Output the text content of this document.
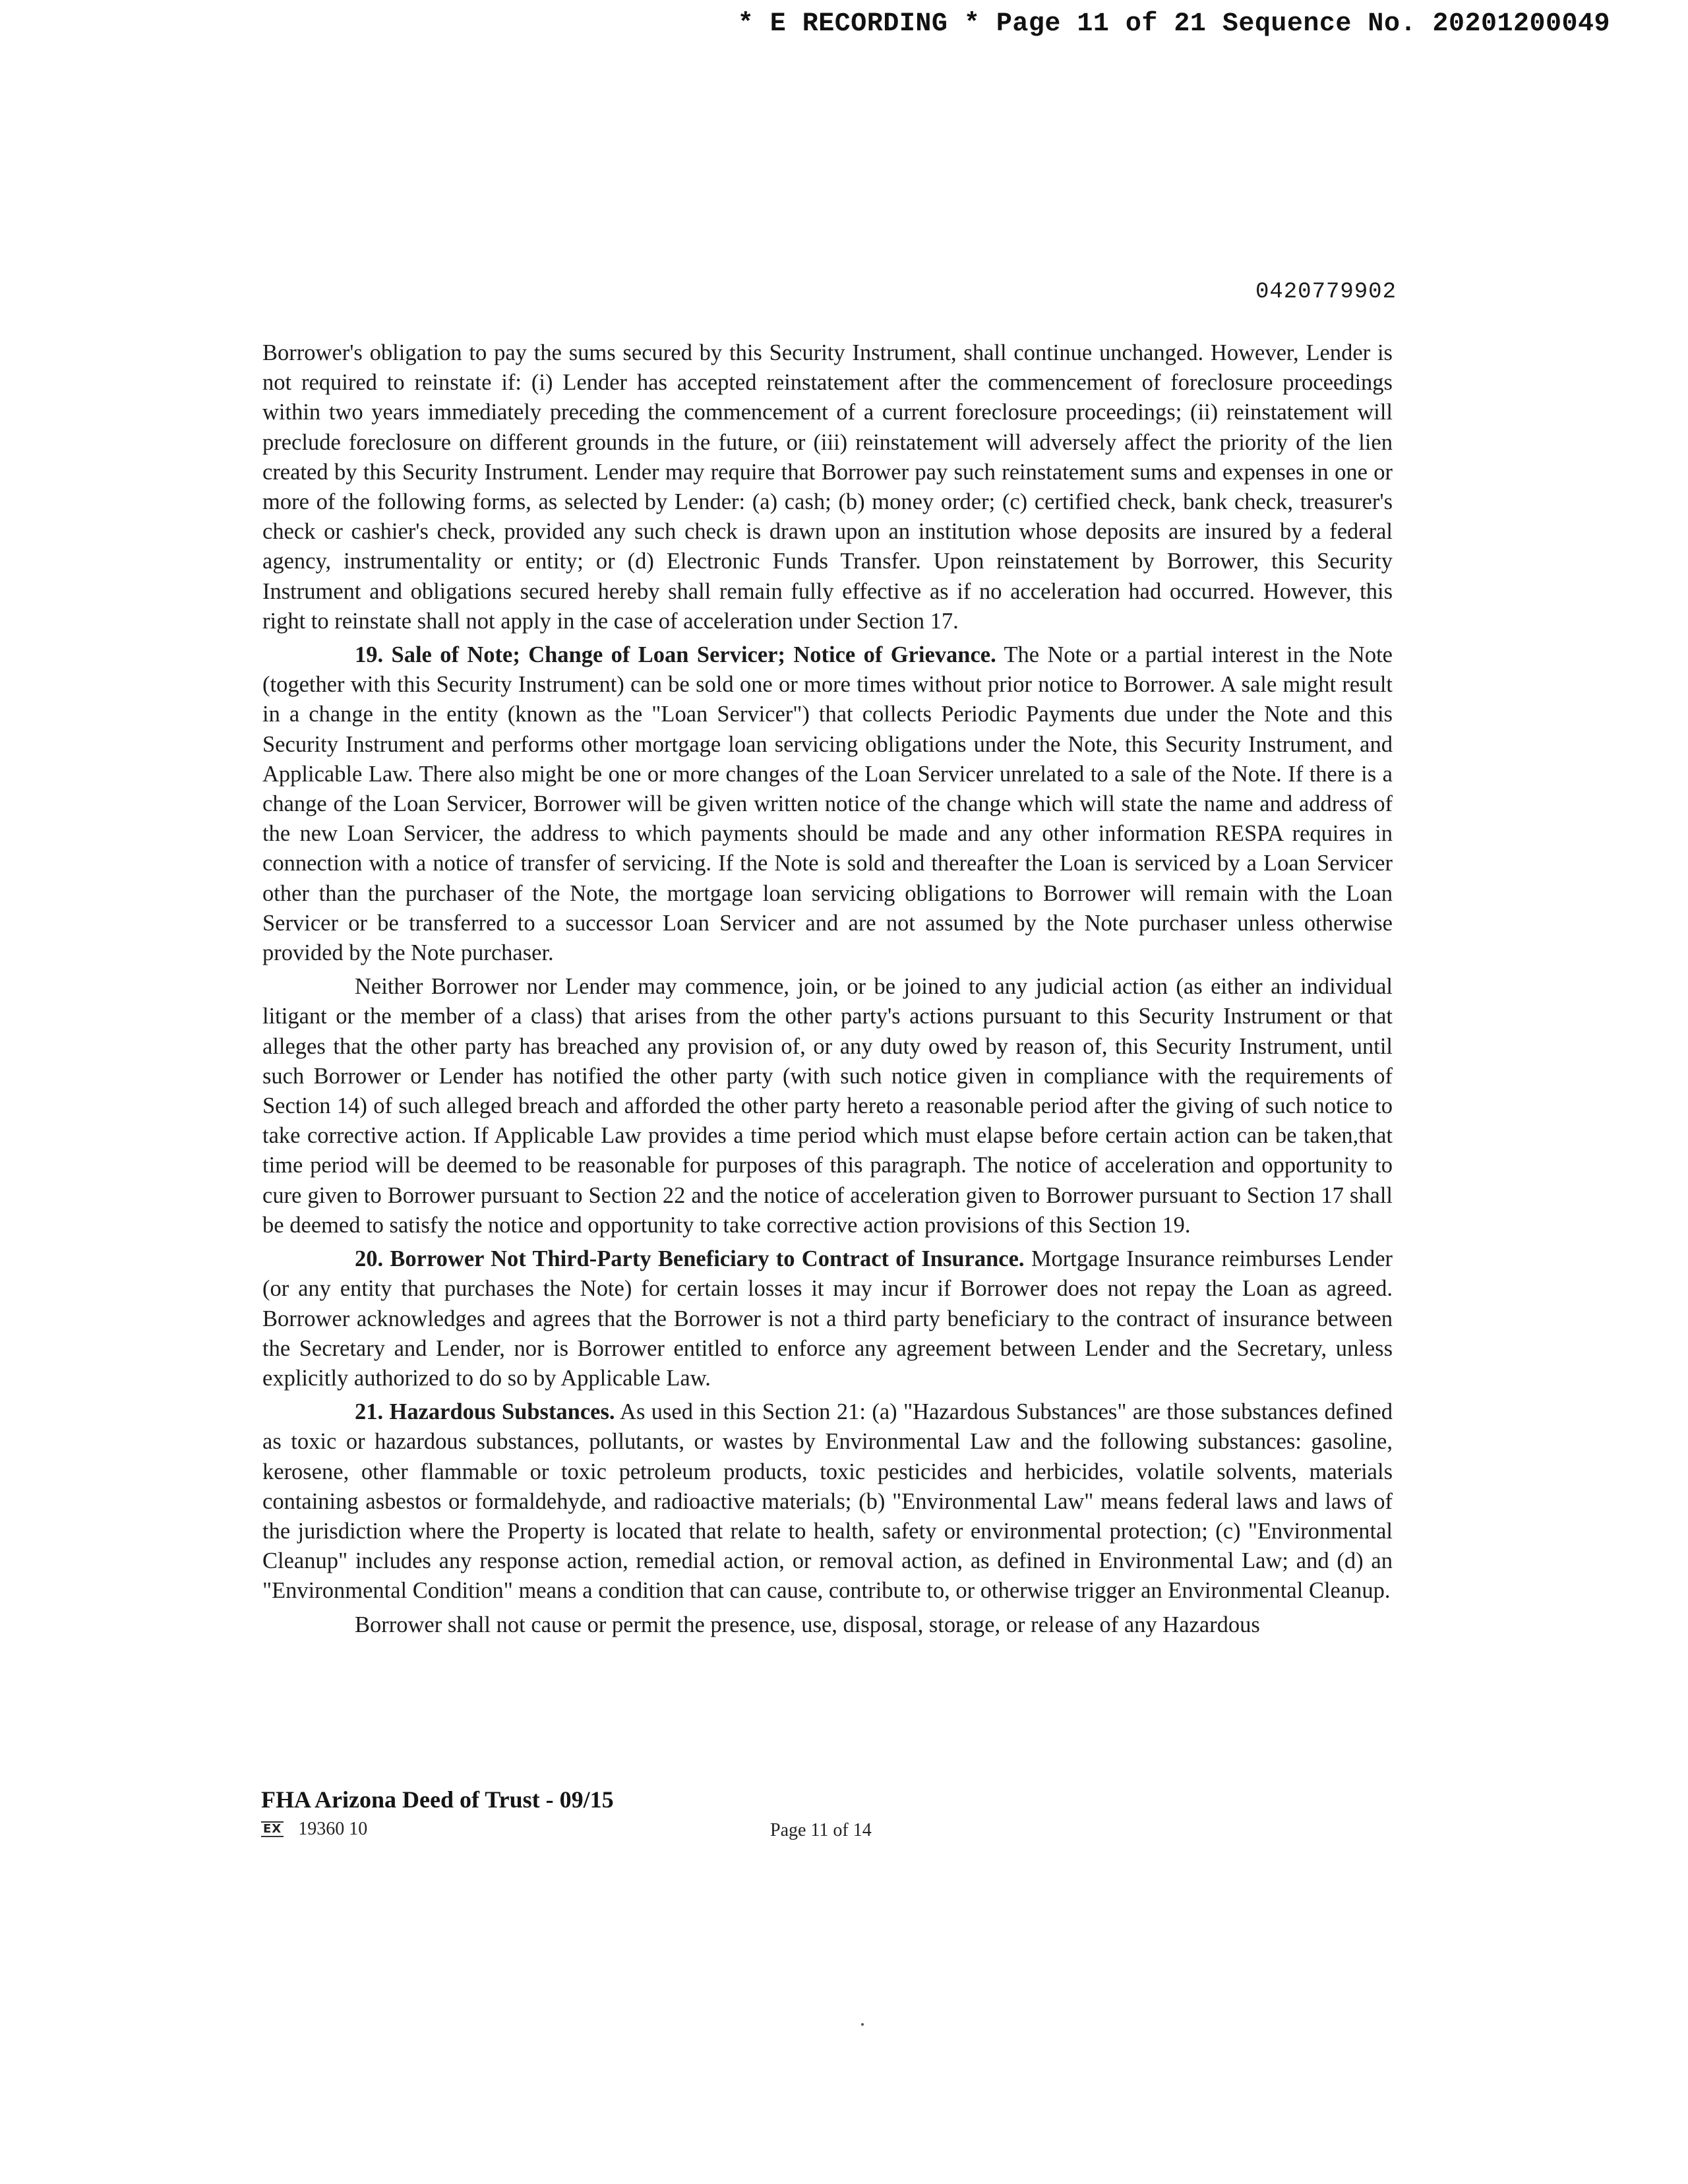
* E RECORDING * Page 11 of 21 Sequence No. 20201200049
0420779902

Borrower's obligation to pay the sums secured by this Security Instrument, shall continue unchanged. However, Lender is not required to reinstate if: (i) Lender has accepted reinstatement after the commencement of foreclosure proceedings within two years immediately preceding the commencement of a current foreclosure proceedings; (ii) reinstatement will preclude foreclosure on different grounds in the future, or (iii) reinstatement will adversely affect the priority of the lien created by this Security Instrument. Lender may require that Borrower pay such reinstatement sums and expenses in one or more of the following forms, as selected by Lender: (a) cash; (b) money order; (c) certified check, bank check, treasurer's check or cashier's check, provided any such check is drawn upon an institution whose deposits are insured by a federal agency, instrumentality or entity; or (d) Electronic Funds Transfer. Upon reinstatement by Borrower, this Security Instrument and obligations secured hereby shall remain fully effective as if no acceleration had occurred. However, this right to reinstate shall not apply in the case of acceleration under Section 17.

19. Sale of Note; Change of Loan Servicer; Notice of Grievance. The Note or a partial interest in the Note (together with this Security Instrument) can be sold one or more times without prior notice to Borrower. A sale might result in a change in the entity (known as the "Loan Servicer") that collects Periodic Payments due under the Note and this Security Instrument and performs other mortgage loan servicing obligations under the Note, this Security Instrument, and Applicable Law. There also might be one or more changes of the Loan Servicer unrelated to a sale of the Note. If there is a change of the Loan Servicer, Borrower will be given written notice of the change which will state the name and address of the new Loan Servicer, the address to which payments should be made and any other information RESPA requires in connection with a notice of transfer of servicing. If the Note is sold and thereafter the Loan is serviced by a Loan Servicer other than the purchaser of the Note, the mortgage loan servicing obligations to Borrower will remain with the Loan Servicer or be transferred to a successor Loan Servicer and are not assumed by the Note purchaser unless otherwise provided by the Note purchaser.

Neither Borrower nor Lender may commence, join, or be joined to any judicial action (as either an individual litigant or the member of a class) that arises from the other party's actions pursuant to this Security Instrument or that alleges that the other party has breached any provision of, or any duty owed by reason of, this Security Instrument, until such Borrower or Lender has notified the other party (with such notice given in compliance with the requirements of Section 14) of such alleged breach and afforded the other party hereto a reasonable period after the giving of such notice to take corrective action. If Applicable Law provides a time period which must elapse before certain action can be taken,that time period will be deemed to be reasonable for purposes of this paragraph. The notice of acceleration and opportunity to cure given to Borrower pursuant to Section 22 and the notice of acceleration given to Borrower pursuant to Section 17 shall be deemed to satisfy the notice and opportunity to take corrective action provisions of this Section 19.

20. Borrower Not Third-Party Beneficiary to Contract of Insurance. Mortgage Insurance reimburses Lender (or any entity that purchases the Note) for certain losses it may incur if Borrower does not repay the Loan as agreed. Borrower acknowledges and agrees that the Borrower is not a third party beneficiary to the contract of insurance between the Secretary and Lender, nor is Borrower entitled to enforce any agreement between Lender and the Secretary, unless explicitly authorized to do so by Applicable Law.

21. Hazardous Substances. As used in this Section 21: (a) "Hazardous Substances" are those substances defined as toxic or hazardous substances, pollutants, or wastes by Environmental Law and the following substances: gasoline, kerosene, other flammable or toxic petroleum products, toxic pesticides and herbicides, volatile solvents, materials containing asbestos or formaldehyde, and radioactive materials; (b) "Environmental Law" means federal laws and laws of the jurisdiction where the Property is located that relate to health, safety or environmental protection; (c) "Environmental Cleanup" includes any response action, remedial action, or removal action, as defined in Environmental Law; and (d) an "Environmental Condition" means a condition that can cause, contribute to, or otherwise trigger an Environmental Cleanup.

Borrower shall not cause or permit the presence, use, disposal, storage, or release of any Hazardous

FHA Arizona Deed of Trust - 09/15
EX 19360 10	Page 11 of 14
